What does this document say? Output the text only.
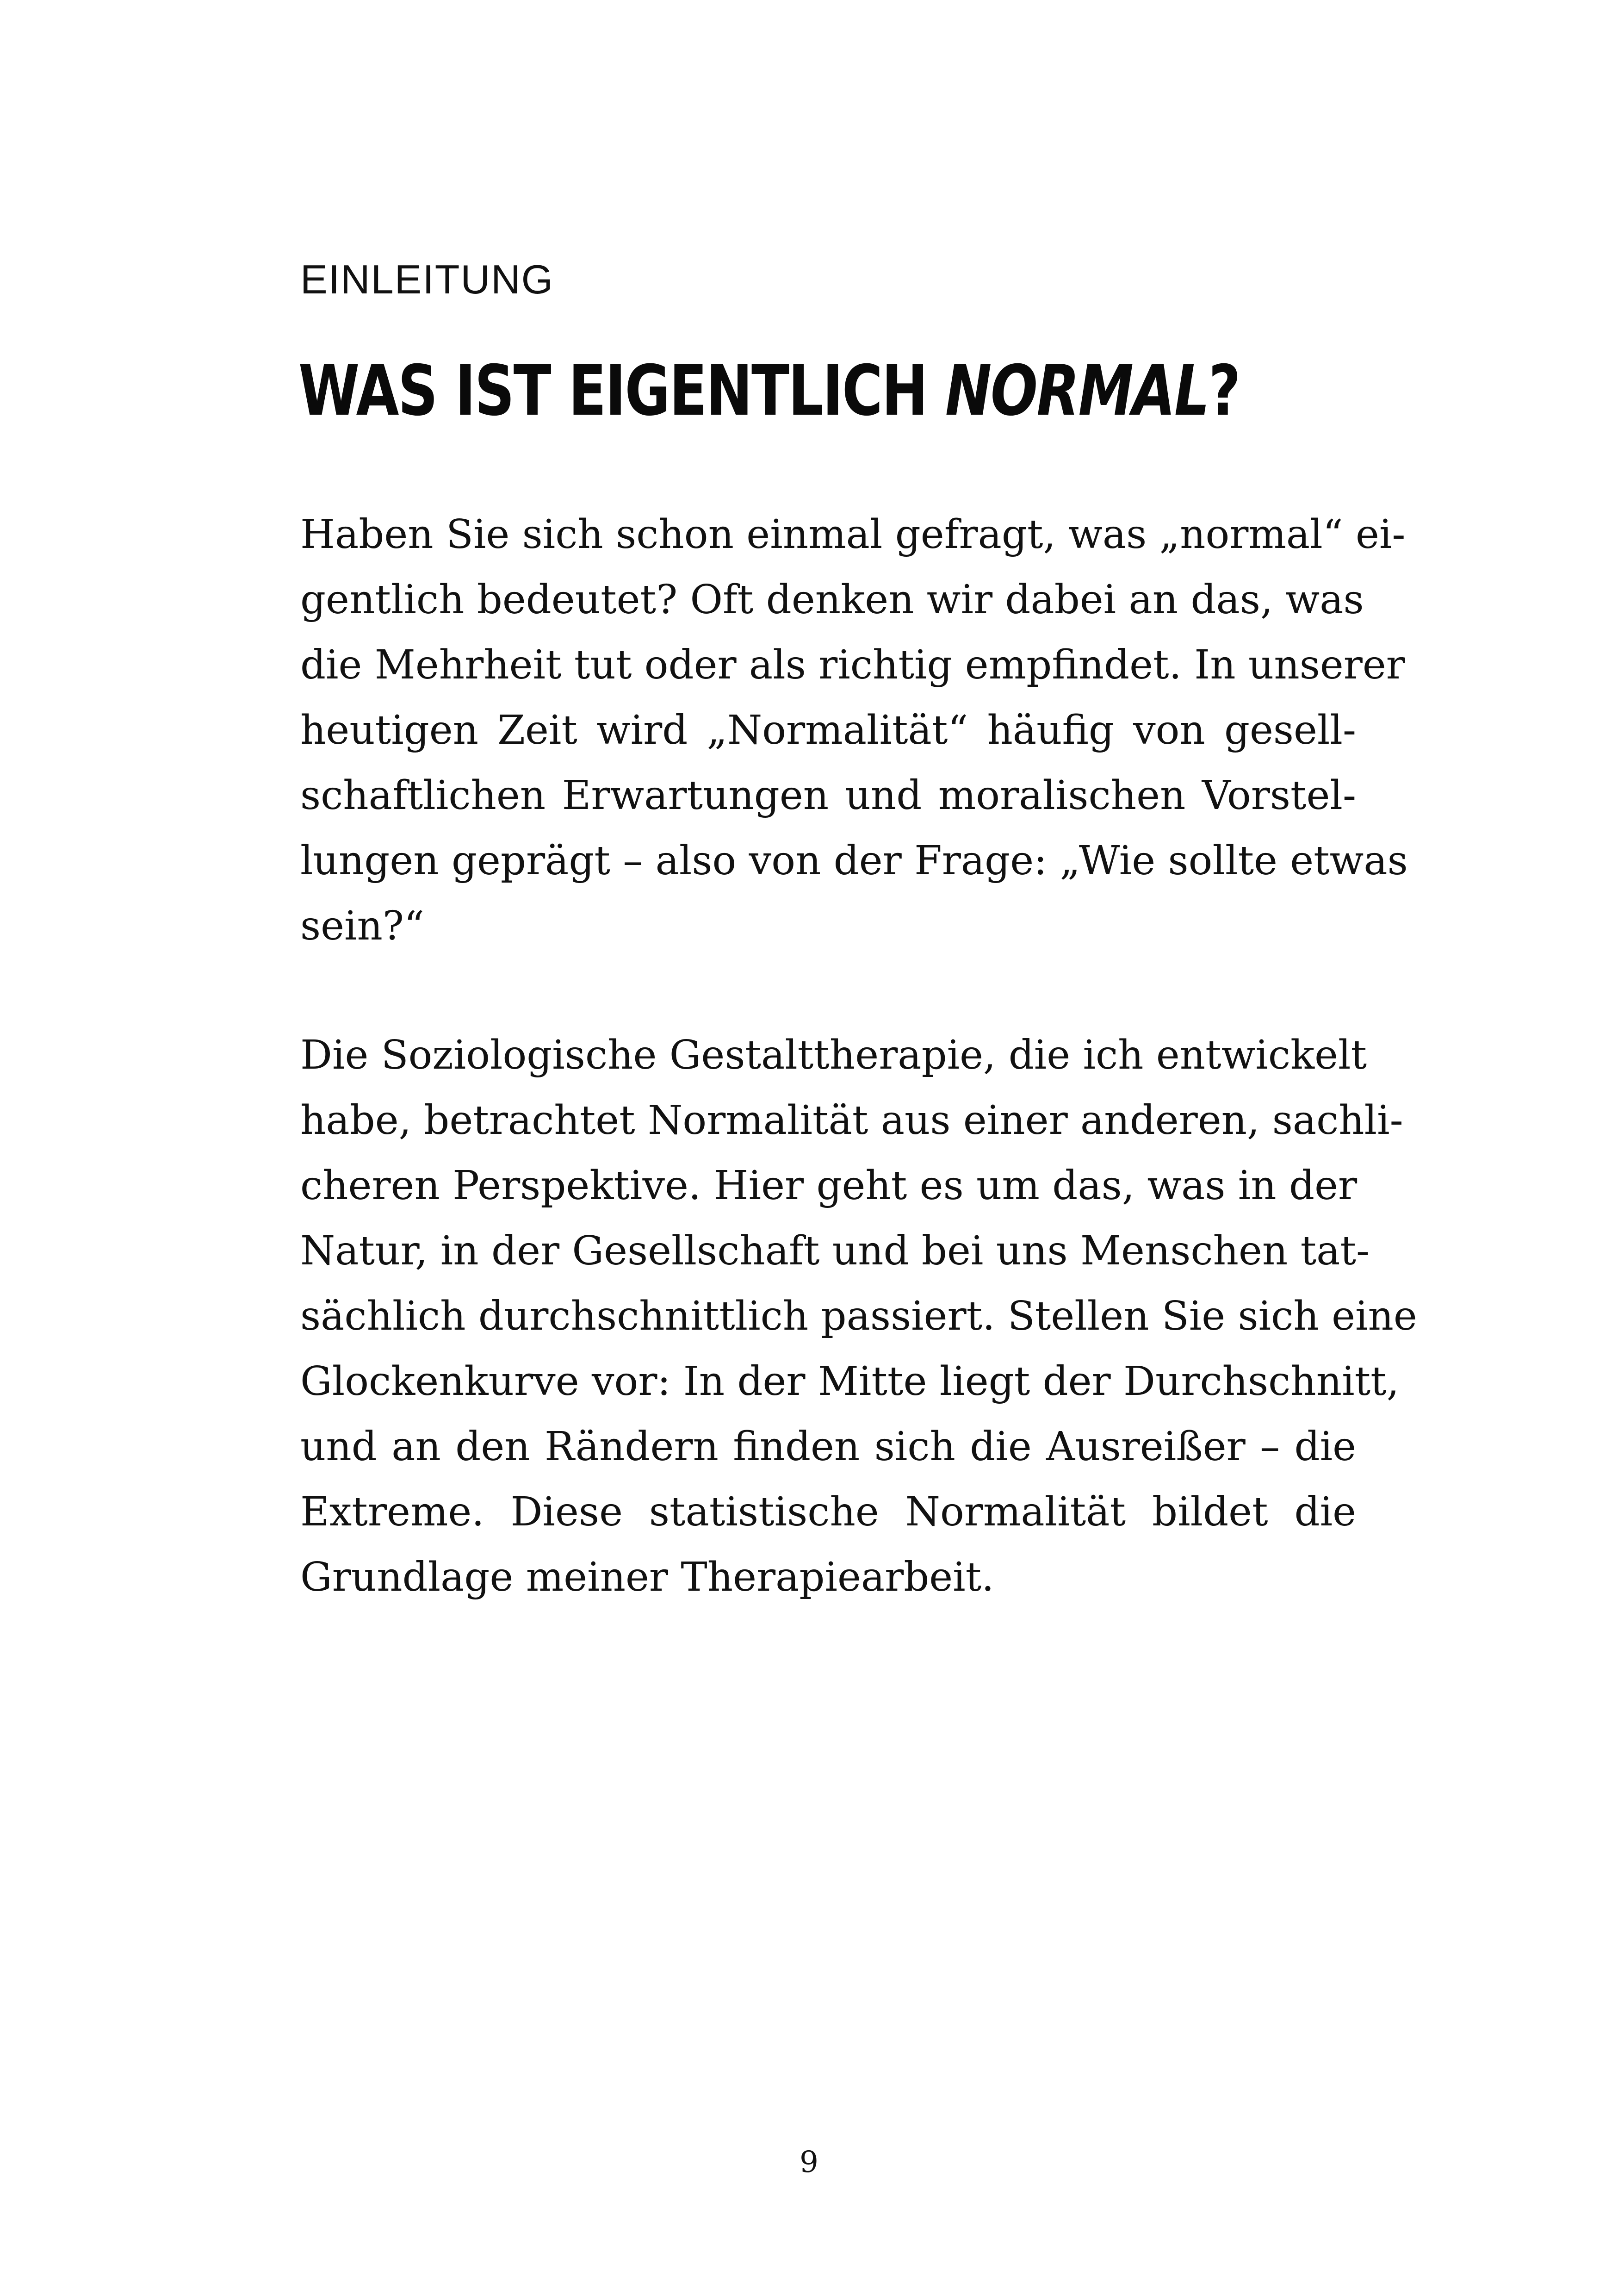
EINLEITUNG
WAS IST EIGENTLICH NORMAL?

Haben Sie sich schon einmal gefragt, was „normal“ ei-
gentlich bedeutet? Oft denken wir dabei an das, was
die Mehrheit tut oder als richtig empfindet. In unserer
heutigen Zeit wird „Normalität“ häufig von gesell-
schaftlichen Erwartungen und moralischen Vorstel-
lungen geprägt – also von der Frage: „Wie sollte etwas
sein?“

Die Soziologische Gestalttherapie, die ich entwickelt
habe, betrachtet Normalität aus einer anderen, sachli-
cheren Perspektive. Hier geht es um das, was in der
Natur, in der Gesellschaft und bei uns Menschen tat-
sächlich durchschnittlich passiert. Stellen Sie sich eine
Glockenkurve vor: In der Mitte liegt der Durchschnitt,
und an den Rändern finden sich die Ausreißer – die
Extreme. Diese statistische Normalität bildet die
Grundlage meiner Therapiearbeit.

9
